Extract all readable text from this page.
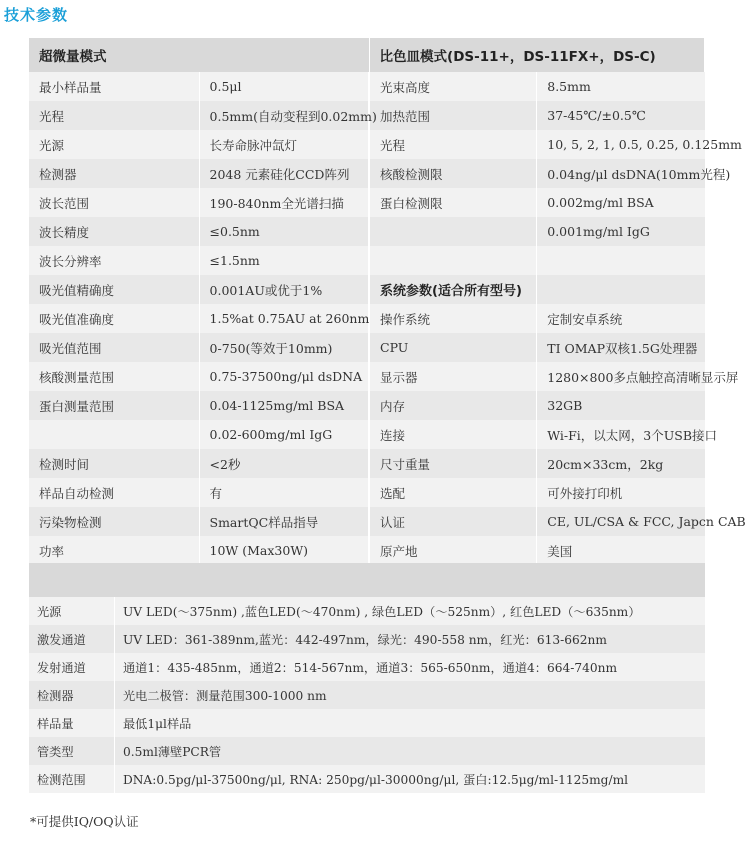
技术参数
超微量模式		比色皿模式(DS-11+，DS-11FX+，DS-C)	
最小样品量	0.5μl	光束高度	8.5mm
光程	0.5mm(自动变程到0.02mm)	加热范围	37-45℃/±0.5℃
光源	长寿命脉冲氙灯	光程	10, 5, 2, 1, 0.5, 0.25, 0.125mm
检测器	2048 元素硅化CCD阵列	核酸检测限	0.04ng/μl dsDNA(10mm光程)
波长范围	190-840nm全光谱扫描	蛋白检测限	0.002mg/ml BSA
波长精度	≤0.5nm		0.001mg/ml IgG
波长分辨率	≤1.5nm		
吸光值精确度	0.001AU或优于1%	系统参数(适合所有型号)	
吸光值准确度	1.5%at 0.75AU at 260nm	操作系统	定制安卓系统
吸光值范围	0-750(等效于10mm)	CPU	TI OMAP双核1.5G处理器
核酸测量范围	0.75-37500ng/μl dsDNA	显示器	1280×800多点触控高清晰显示屏
蛋白测量范围	0.04-1125mg/ml BSA	内存	32GB
	0.02-600mg/ml IgG	连接	Wi-Fi，以太网，3个USB接口
检测时间	<2秒	尺寸重量	20cm×33cm，2kg
样品自动检测	有	选配	可外接打印机
污染物检测	SmartQC样品指导	认证	CE, UL/CSA & FCC, Japcn CAB
功率	10W (Max30W)	原产地	美国
光源	UV LED(～375nm) ,蓝色LED(～470nm) , 绿色LED（～525nm）, 红色LED（～635nm）
激发通道	UV LED：361-389nm,蓝光：442-497nm，绿光：490-558 nm，红光：613-662nm
发射通道	通道1：435-485nm，通道2：514-567nm，通道3：565-650nm，通道4：664-740nm
检测器	光电二极管：测量范围300-1000 nm
样品量	最低1μl样品
管类型	0.5ml薄壁PCR管
检测范围	DNA:0.5pg/μl-37500ng/μl, RNA: 250pg/μl-30000ng/μl, 蛋白:12.5μg/ml-1125mg/ml
*可提供IQ/OQ认证
